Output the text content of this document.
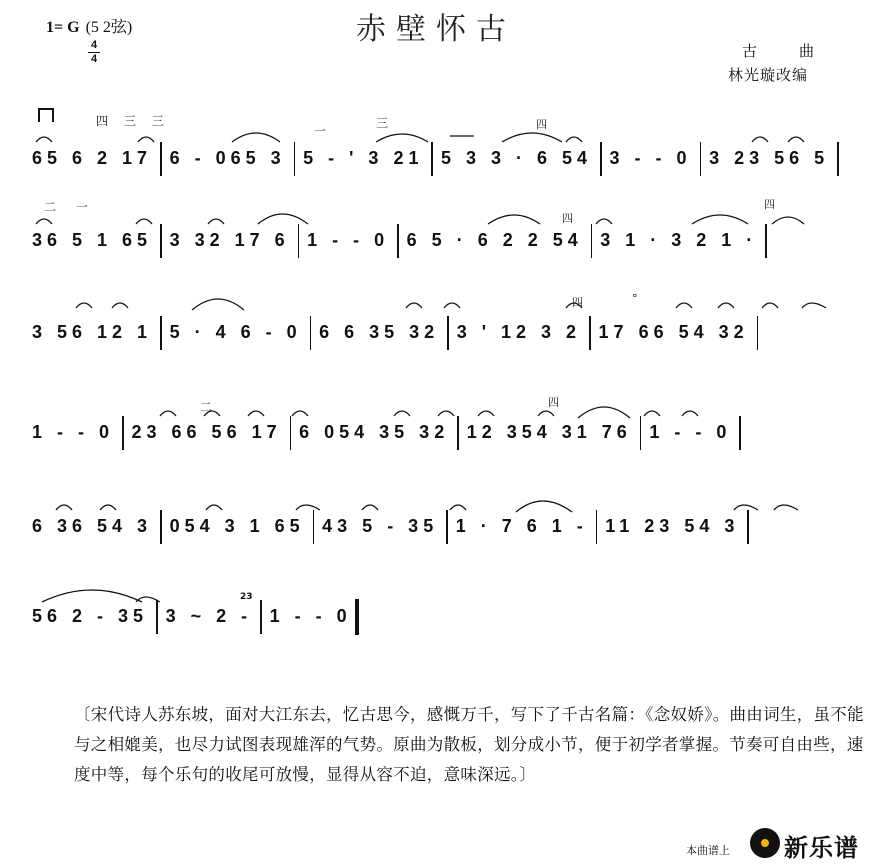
1= G (5 2弦)
4
4
赤壁怀古
古曲
林光璇改编
四 三 三
一
三	四
二 一
四
四
四	°
二	四
23
65 6 2 17 6 - 065 3 5 - ' 3 21 5 3 3 · 6 54 3 - - 0 3 23 56 5
36 5 1 65 3 32 17 6 1 - - 0 6 5 · 6 2 2 54 3 1 · 3 2 1 ·
3 56 12 1 5 · 4 6 - 0 6 6 35 32 3 ' 12 3 2 17 66 54 32
1 - - 0 23 66 56 17 6 054 35 32 12 354 31 76 1 - - 0
6 36 54 3 054 3 1 65 43 5 - 35 1 · 7 6 1 - 11 23 54 3
56 2 - 35 3 ~ 2 - 1 - - 0
〔宋代诗人苏东坡，面对大江东去，忆古思今，感慨万千，写下了千古名篇：《念奴娇》。曲由词生，虽不能与之相媲美，也尽力试图表现雄浑的气势。原曲为散板，划分成小节，便于初学者掌握。节奏可自由些，速度中等，每个乐句的收尾可放慢，显得从容不迫，意味深远。〕
本曲谱上 新乐谱
